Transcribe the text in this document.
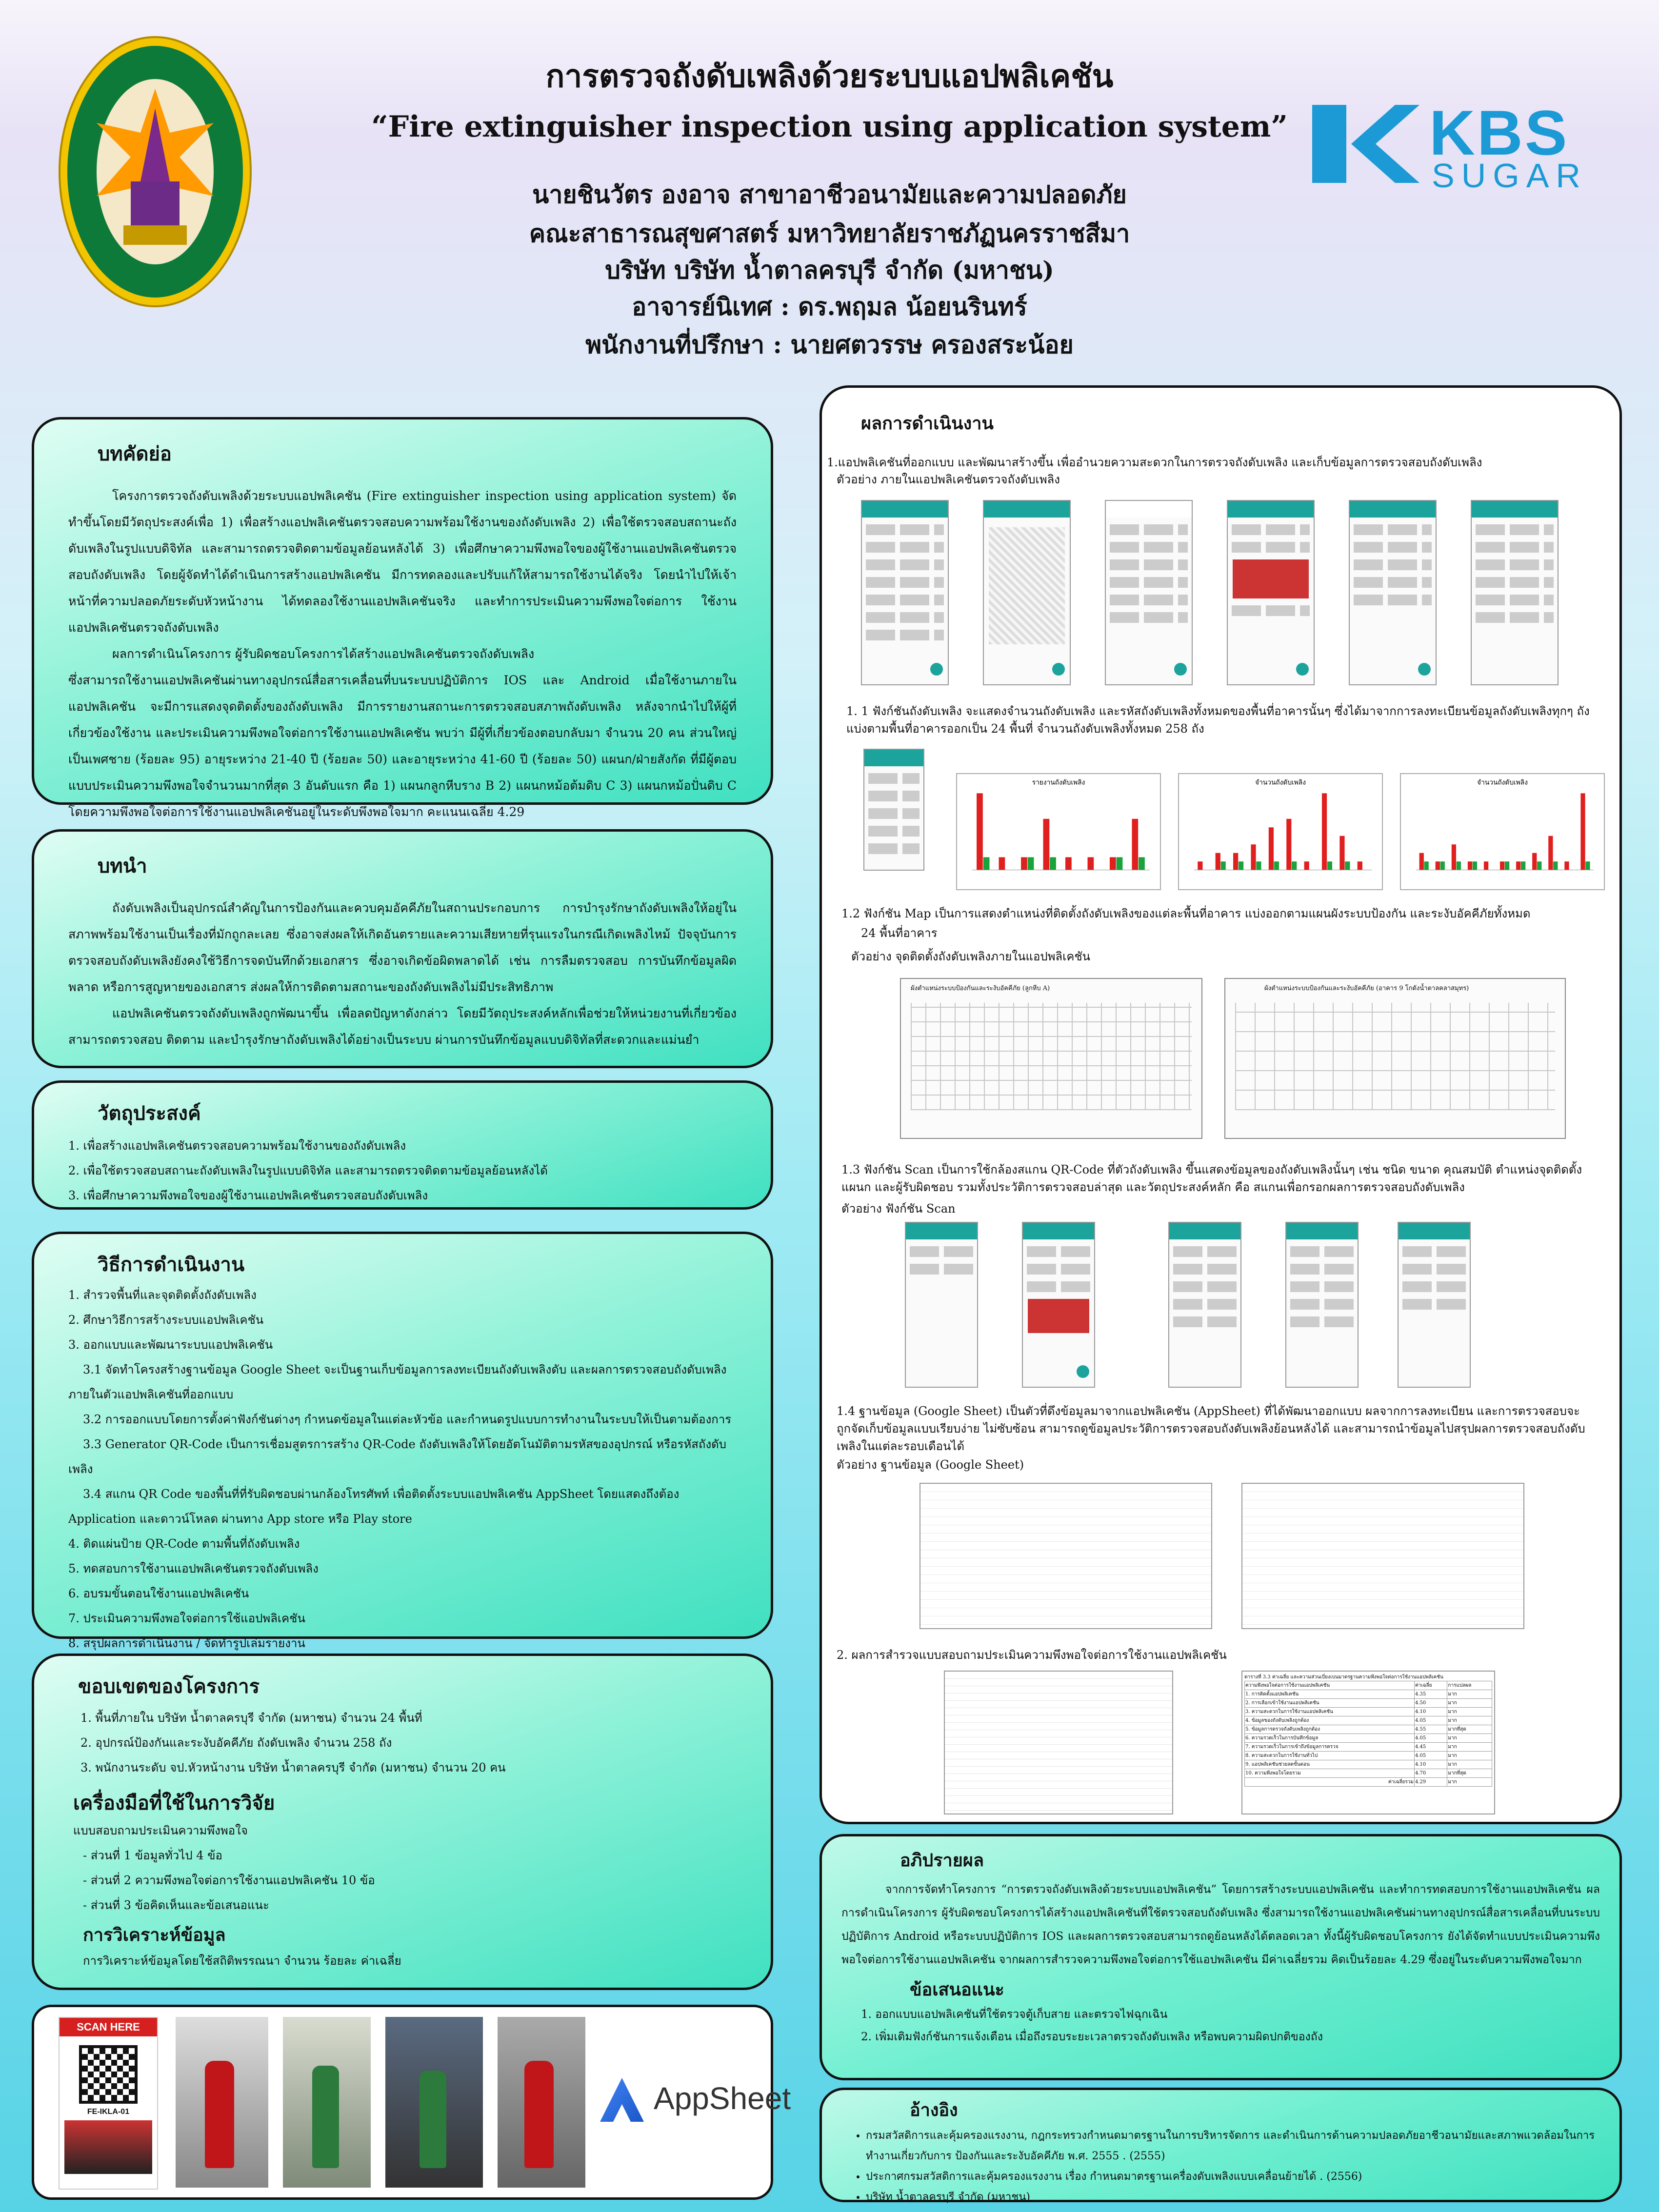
KBS
SUGAR
การตรวจถังดับเพลิงด้วยระบบแอปพลิเคชัน
“Fire extinguisher inspection using application system”
นายชินวัตร องอาจ สาขาอาชีวอนามัยและความปลอดภัย
คณะสาธารณสุขศาสตร์ มหาวิทยาลัยราชภัฏนครราชสีมา
บริษัท บริษัท น้ำตาลครบุรี จำกัด (มหาชน)
อาจารย์นิเทศ : ดร.พฤมล น้อยนรินทร์
พนักงานที่ปรึกษา : นายศตวรรษ ครองสระน้อย
บทคัดย่อ

โครงการตรวจถังดับเพลิงด้วยระบบแอปพลิเคชัน (Fire extinguisher inspection using application system) จัดทำขึ้นโดยมีวัตถุประสงค์เพื่อ 1) เพื่อสร้างแอปพลิเคชันตรวจสอบความพร้อมใช้งานของถังดับเพลิง 2) เพื่อใช้ตรวจสอบสถานะถังดับเพลิงในรูปแบบดิจิทัล และสามารถตรวจติดตามข้อมูลย้อนหลังได้ 3) เพื่อศึกษาความพึงพอใจของผู้ใช้งานแอปพลิเคชันตรวจสอบถังดับเพลิง โดยผู้จัดทำได้ดำเนินการสร้างแอปพลิเคชัน มีการทดลองและปรับแก้ให้สามารถใช้งานได้จริง โดยนำไปให้เจ้าหน้าที่ความปลอดภัยระดับหัวหน้างาน ได้ทดลองใช้งานแอปพลิเคชันจริง และทำการประเมินความพึงพอใจต่อการ ใช้งานแอปพลิเคชันตรวจถังดับเพลิง

ผลการดำเนินโครงการ ผู้รับผิดชอบโครงการได้สร้างแอปพลิเคชันตรวจถังดับเพลิง

ซึ่งสามารถใช้งานแอปพลิเคชันผ่านทางอุปกรณ์สื่อสารเคลื่อนที่บนระบบปฏิบัติการ IOS และ Android เมื่อใช้งานภายในแอปพลิเคชัน จะมีการแสดงจุดติดตั้งของถังดับเพลิง มีการรายงานสถานะการตรวจสอบสภาพถังดับเพลิง หลังจากนำไปให้ผู้ที่เกี่ยวข้องใช้งาน และประเมินความพึงพอใจต่อการใช้งานแอปพลิเคชัน พบว่า มีผู้ที่เกี่ยวข้องตอบกลับมา จำนวน 20 คน ส่วนใหญ่เป็นเพศชาย (ร้อยละ 95) อายุระหว่าง 21-40 ปี (ร้อยละ 50) และอายุระหว่าง 41-60 ปี (ร้อยละ 50) แผนก/ฝ่ายสังกัด ที่มีผู้ตอบแบบประเมินความพึงพอใจจำนวนมากที่สุด 3 อันดับแรก คือ 1) แผนกลูกหีบราง B 2) แผนกหม้อต้มดิบ C 3) แผนกหม้อปั่นดิบ C โดยความพึงพอใจต่อการใช้งานแอปพลิเคชันอยู่ในระดับพึงพอใจมาก คะแนนเฉลี่ย 4.29

บทนำ

ถังดับเพลิงเป็นอุปกรณ์สำคัญในการป้องกันและควบคุมอัคคีภัยในสถานประกอบการ การบำรุงรักษาถังดับเพลิงให้อยู่ในสภาพพร้อมใช้งานเป็นเรื่องที่มักถูกละเลย ซึ่งอาจส่งผลให้เกิดอันตรายและความเสียหายที่รุนแรงในกรณีเกิดเพลิงไหม้ ปัจจุบันการตรวจสอบถังดับเพลิงยังคงใช้วิธีการจดบันทึกด้วยเอกสาร ซึ่งอาจเกิดข้อผิดพลาดได้ เช่น การลืมตรวจสอบ การบันทึกข้อมูลผิดพลาด หรือการสูญหายของเอกสาร ส่งผลให้การติดตามสถานะของถังดับเพลิงไม่มีประสิทธิภาพ

แอปพลิเคชันตรวจถังดับเพลิงถูกพัฒนาขึ้น เพื่อลดปัญหาดังกล่าว โดยมีวัตถุประสงค์หลักเพื่อช่วยให้หน่วยงานที่เกี่ยวข้องสามารถตรวจสอบ ติดตาม และบำรุงรักษาถังดับเพลิงได้อย่างเป็นระบบ ผ่านการบันทึกข้อมูลแบบดิจิทัลที่สะดวกและแม่นยำ

วัตถุประสงค์
1. เพื่อสร้างแอปพลิเคชันตรวจสอบความพร้อมใช้งานของถังดับเพลิง
2. เพื่อใช้ตรวจสอบสถานะถังดับเพลิงในรูปแบบดิจิทัล และสามารถตรวจติดตามข้อมูลย้อนหลังได้
3. เพื่อศึกษาความพึงพอใจของผู้ใช้งานแอปพลิเคชันตรวจสอบถังดับเพลิง
วิธีการดำเนินงาน
1. สำรวจพื้นที่และจุดติดตั้งถังดับเพลิง
2. ศึกษาวิธีการสร้างระบบแอปพลิเคชัน
3. ออกแบบและพัฒนาระบบแอปพลิเคชัน
3.1 จัดทำโครงสร้างฐานข้อมูล Google Sheet จะเป็นฐานเก็บข้อมูลการลงทะเบียนถังดับเพลิงดับ และผลการตรวจสอบถังดับเพลิงภายในตัวแอปพลิเคชันที่ออกแบบ
3.2 การออกแบบโดยการตั้งค่าฟังก์ชันต่างๆ กำหนดข้อมูลในแต่ละหัวข้อ และกำหนดรูปแบบการทำงานในระบบให้เป็นตามต้องการ
3.3 Generator QR-Code เป็นการเชื่อมสูตรการสร้าง QR-Code ถังดับเพลิงให้โดยอัตโนมัติตามรหัสของอุปกรณ์ หรือรหัสถังดับเพลิง
3.4 สแกน QR Code ของพื้นที่ที่รับผิดชอบผ่านกล้องโทรศัพท์ เพื่อติดตั้งระบบแอปพลิเคชัน AppSheet โดยแสดงถึงต้อง Application และดาวน์โหลด ผ่านทาง App store หรือ Play store
4. ติดแผ่นป้าย QR-Code ตามพื้นที่ถังดับเพลิง
5. ทดสอบการใช้งานแอปพลิเคชันตรวจถังดับเพลิง
6. อบรมขั้นตอนใช้งานแอปพลิเคชัน
7. ประเมินความพึงพอใจต่อการใช้แอปพลิเคชัน
8. สรุปผลการดำเนินงาน / จัดทำรูปเล่มรายงาน
ขอบเขตของโครงการ
1. พื้นที่ภายใน บริษัท น้ำตาลครบุรี จำกัด (มหาชน) จำนวน 24 พื้นที่
2. อุปกรณ์ป้องกันและระงับอัคคีภัย ถังดับเพลิง จำนวน 258 ถัง
3. พนักงานระดับ จป.หัวหน้างาน บริษัท น้ำตาลครบุรี จำกัด (มหาชน) จำนวน 20 คน
เครื่องมือที่ใช้ในการวิจัย
แบบสอบถามประเมินความพึงพอใจ
- ส่วนที่ 1 ข้อมูลทั่วไป 4 ข้อ
- ส่วนที่ 2 ความพึงพอใจต่อการใช้งานแอปพลิเคชัน 10 ข้อ
- ส่วนที่ 3 ข้อคิดเห็นและข้อเสนอแนะ
การวิเคราะห์ข้อมูล
การวิเคราะห์ข้อมูลโดยใช้สถิติพรรณนา จำนวน ร้อยละ ค่าเฉลี่ย
SCAN HERE
FE-IKLA-01	AppSheet
ผลการดำเนินงาน
1.แอปพลิเคชันที่ออกแบบ และพัฒนาสร้างขึ้น เพื่ออำนวยความสะดวกในการตรวจถังดับเพลิง และเก็บข้อมูลการตรวจสอบถังดับเพลิง
ตัวอย่าง ภายในแอปพลิเคชันตรวจถังดับเพลิง
1. 1 ฟังก์ชันถังดับเพลิง จะแสดงจำนวนถังดับเพลิง และรหัสถังดับเพลิงทั้งหมดของพื้นที่อาคารนั้นๆ ซึ่งได้มาจากการลงทะเบียนข้อมูลถังดับเพลิงทุกๆ ถัง แบ่งตามพื้นที่อาคารออกเป็น 24 พื้นที่ จำนวนถังดับเพลิงทั้งหมด 258 ถัง
รายงานถังดับเพลิง	จำนวนถังดับเพลิง	จำนวนถังดับเพลิง
1.2 ฟังก์ชัน Map เป็นการแสดงตำแหน่งที่ติดตั้งถังดับเพลิงของแต่ละพื้นที่อาคาร แบ่งออกตามแผนผังระบบป้องกัน และระงับอัคคีภัยทั้งหมด
24 พื้นที่อาคาร
ตัวอย่าง จุดติดตั้งถังดับเพลิงภายในแอปพลิเคชัน
ผังตำแหน่งระบบป้องกันและระงับอัคคีภัย (ลูกหีบ A)	ผังตำแหน่งระบบป้องกันและระงับอัคคีภัย (อาคาร 9 โกดังน้ำตาลคลาสมุทร)
1.3 ฟังก์ชัน Scan เป็นการใช้กล้องสแกน QR-Code ที่ตัวถังดับเพลิง ขึ้นแสดงข้อมูลของถังดับเพลิงนั้นๆ เช่น ชนิด ขนาด คุณสมบัติ ตำแหน่งจุดติดตั้ง แผนก และผู้รับผิดชอบ รวมทั้งประวัติการตรวจสอบล่าสุด และวัตถุประสงค์หลัก คือ สแกนเพื่อกรอกผลการตรวจสอบถังดับเพลิง
ตัวอย่าง ฟังก์ชัน Scan
1.4 ฐานข้อมูล (Google Sheet) เป็นตัวที่ดึงข้อมูลมาจากแอปพลิเคชัน (AppSheet) ที่ได้พัฒนาออกแบบ ผลจากการลงทะเบียน และการตรวจสอบจะถูกจัดเก็บข้อมูลแบบเรียบง่าย ไม่ซับซ้อน สามารถดูข้อมูลประวัติการตรวจสอบถังดับเพลิงย้อนหลังได้ และสามารถนำข้อมูลไปสรุปผลการตรวจสอบถังดับเพลิงในแต่ละรอบเดือนได้
ตัวอย่าง ฐานข้อมูล (Google Sheet)
2. ผลการสำรวจแบบสอบถามประเมินความพึงพอใจต่อการใช้งานแอปพลิเคชัน
ตารางที่ 3.3 ค่าเฉลี่ย และความส่วนเบี่ยงเบนมาตรฐานความพึงพอใจต่อการใช้งานแอปพลิเคชัน
ความพึงพอใจต่อการใช้งานแอปพลิเคชัน	ค่าเฉลี่ย	การแปลผล
1. การติดตั้งแอปพลิเคชัน	4.35	มาก
2. การเลือกเข้าใช้งานแอปพลิเคชัน	4.50	มาก
3. ความสะดวกในการใช้งานแอปพลิเคชัน	4.10	มาก
4. ข้อมูลของถังดับเพลิงถูกต้อง	4.05	มาก
5. ข้อมูลการตรวจถังดับเพลิงถูกต้อง	4.55	มากที่สุด
6. ความรวดเร็วในการบันทึกข้อมูล	4.05	มาก
7. ความรวดเร็วในการเข้าถึงข้อมูลการตรวจ	4.45	มาก
8. ความสะดวกในการใช้งานทั่วไป	4.05	มาก
9. แอปพลิเคชันช่วยลดขั้นตอน	4.10	มาก
10. ความพึงพอใจโดยรวม	4.70	มากที่สุด
ค่าเฉลี่ยรวม	4.29	มาก
อภิปรายผล
จากการจัดทำโครงการ “การตรวจถังดับเพลิงด้วยระบบแอปพลิเคชัน” โดยการสร้างระบบแอปพลิเคชัน และทำการทดสอบการใช้งานแอปพลิเคชัน ผลการดำเนินโครงการ ผู้รับผิดชอบโครงการได้สร้างแอปพลิเคชันที่ใช้ตรวจสอบถังดับเพลิง ซึ่งสามารถใช้งานแอปพลิเคชันผ่านทางอุปกรณ์สื่อสารเคลื่อนที่บนระบบปฏิบัติการ Android หรือระบบปฏิบัติการ IOS และผลการตรวจสอบสามารถดูย้อนหลังได้ตลอดเวลา ทั้งนี้ผู้รับผิดชอบโครงการ ยังได้จัดทำแบบประเมินความพึงพอใจต่อการใช้งานแอปพลิเคชัน จากผลการสำรวจความพึงพอใจต่อการใช้แอปพลิเคชัน มีค่าเฉลี่ยรวม คิดเป็นร้อยละ 4.29 ซึ่งอยู่ในระดับความพึงพอใจมาก
ข้อเสนอแนะ
1. ออกแบบแอปพลิเคชันที่ใช้ตรวจตู้เก็บสาย และตรวจไฟฉุกเฉิน
2. เพิ่มเติมฟังก์ชันการแจ้งเตือน เมื่อถึงรอบระยะเวลาตรวจถังดับเพลิง หรือพบความผิดปกติของถัง
อ้างอิง
• กรมสวัสดิการและคุ้มครองแรงงาน, กฎกระทรวงกำหนดมาตรฐานในการบริหารจัดการ และดำเนินการด้านความปลอดภัยอาชีวอนามัยและสภาพแวดล้อมในการทำงานเกี่ยวกับการ ป้องกันและระงับอัคคีภัย พ.ศ. 2555 . (2555)
• ประกาศกรมสวัสดิการและคุ้มครองแรงงาน เรื่อง กำหนดมาตรฐานเครื่องดับเพลิงแบบเคลื่อนย้ายได้ . (2556)
• บริษัท น้ำตาลครบุรี จำกัด (มหาชน)
